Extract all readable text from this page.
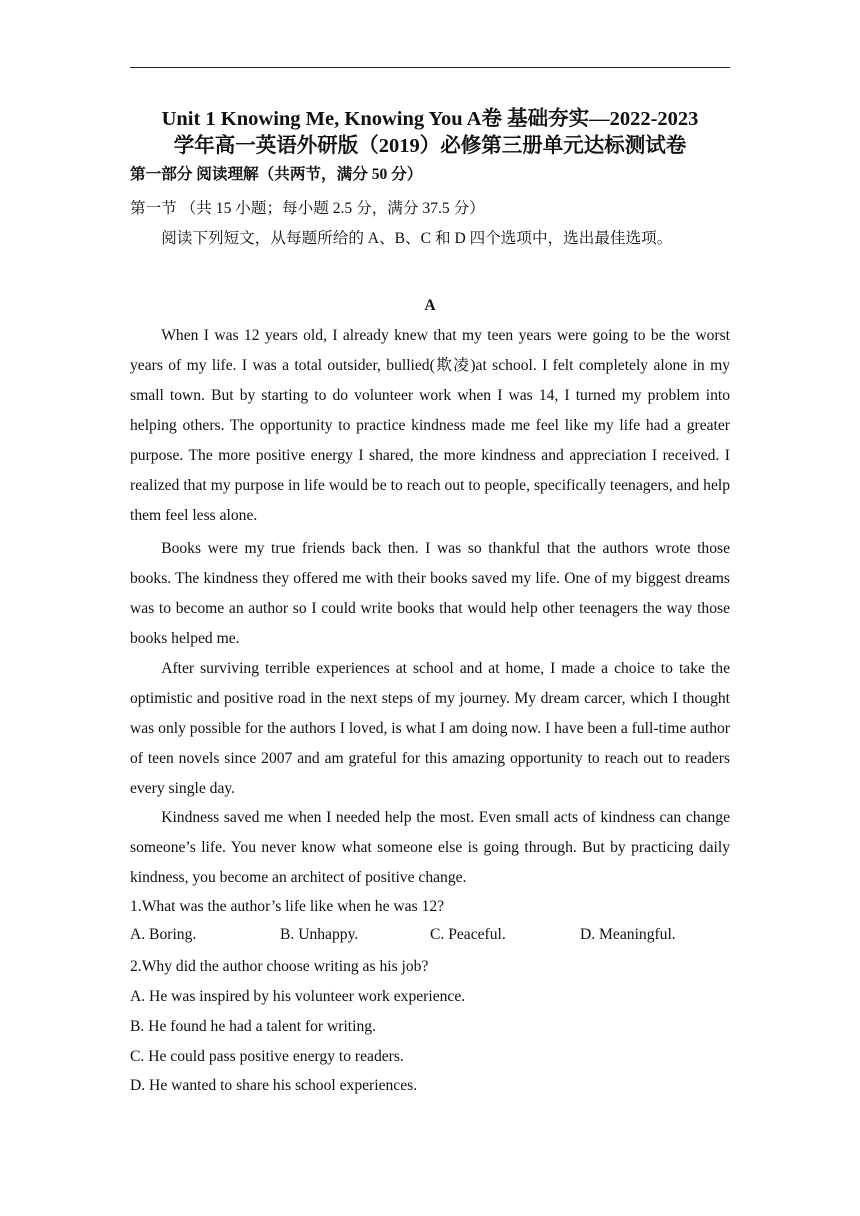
Unit 1 Knowing Me, Knowing You A卷 基础夯实—2022-2023
学年高一英语外研版（2019）必修第三册单元达标测试卷
第一部分 阅读理解（共两节，满分 50 分）
第一节 （共 15 小题；每小题 2.5 分，满分 37.5 分）

阅读下列短文，从每题所给的 A、B、C 和 D 四个选项中，选出最佳选项。

A

When I was 12 years old, I already knew that my teen years were going to be the worst years of my life. I was a total outsider, bullied(欺凌)at school. I felt completely alone in my small town. But by starting to do volunteer work when I was 14, I turned my problem into helping others. The opportunity to practice kindness made me feel like my life had a greater purpose. The more positive energy I shared, the more kindness and appreciation I received. I realized that my purpose in life would be to reach out to people, specifically teenagers, and help them feel less alone.

Books were my true friends back then. I was so thankful that the authors wrote those books. The kindness they offered me with their books saved my life. One of my biggest dreams was to become an author so I could write books that would help other teenagers the way those books helped me.

After surviving terrible experiences at school and at home, I made a choice to take the optimistic and positive road in the next steps of my journey. My dream carcer, which I thought was only possible for the authors I loved, is what I am doing now. I have been a full-time author of teen novels since 2007 and am grateful for this amazing opportunity to reach out to readers every single day.

Kindness saved me when I needed help the most. Even small acts of kindness can change someone’s life. You never know what someone else is going through. But by practicing daily kindness, you become an architect of positive change.

1.What was the author’s life like when he was 12?
A. Boring.	B. Unhappy.	C. Peaceful.	D. Meaningful.
2.Why did the author choose writing as his job?
A. He was inspired by his volunteer work experience.
B. He found he had a talent for writing.
C. He could pass positive energy to readers.
D. He wanted to share his school experiences.
